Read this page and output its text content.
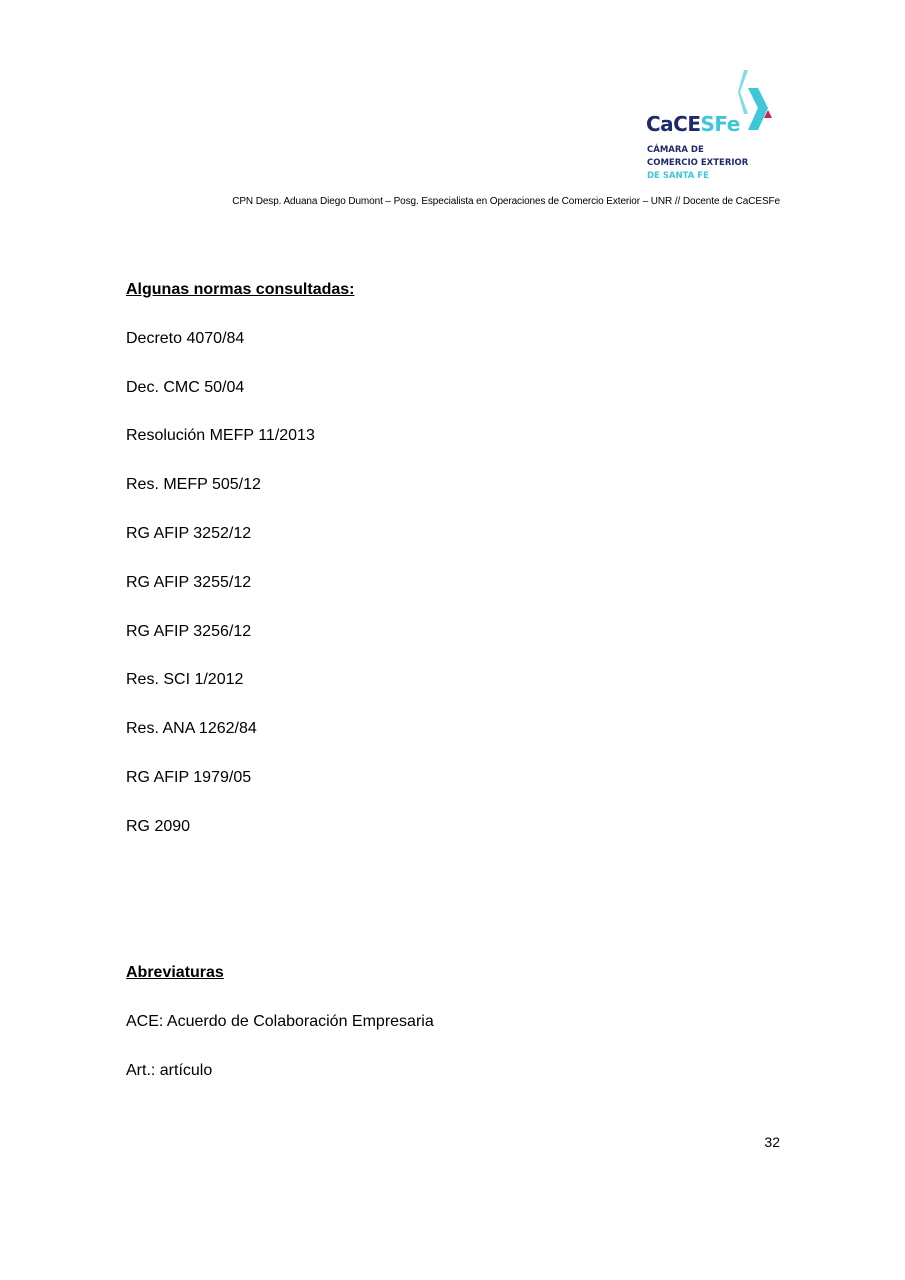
CaCESFe
CÁMARA DE
COMERCIO EXTERIOR
DE SANTA FE
CPN Desp. Aduana Diego Dumont – Posg. Especialista en Operaciones de Comercio Exterior – UNR // Docente de CaCESFe
Algunas normas consultadas:
Decreto 4070/84
Dec. CMC 50/04
Resolución MEFP 11/2013
Res. MEFP 505/12
RG AFIP 3252/12
RG AFIP 3255/12
RG AFIP 3256/12
Res. SCI 1/2012
Res. ANA 1262/84
RG AFIP 1979/05
RG 2090
Abreviaturas
ACE: Acuerdo de Colaboración Empresaria
Art.: artículo
32
